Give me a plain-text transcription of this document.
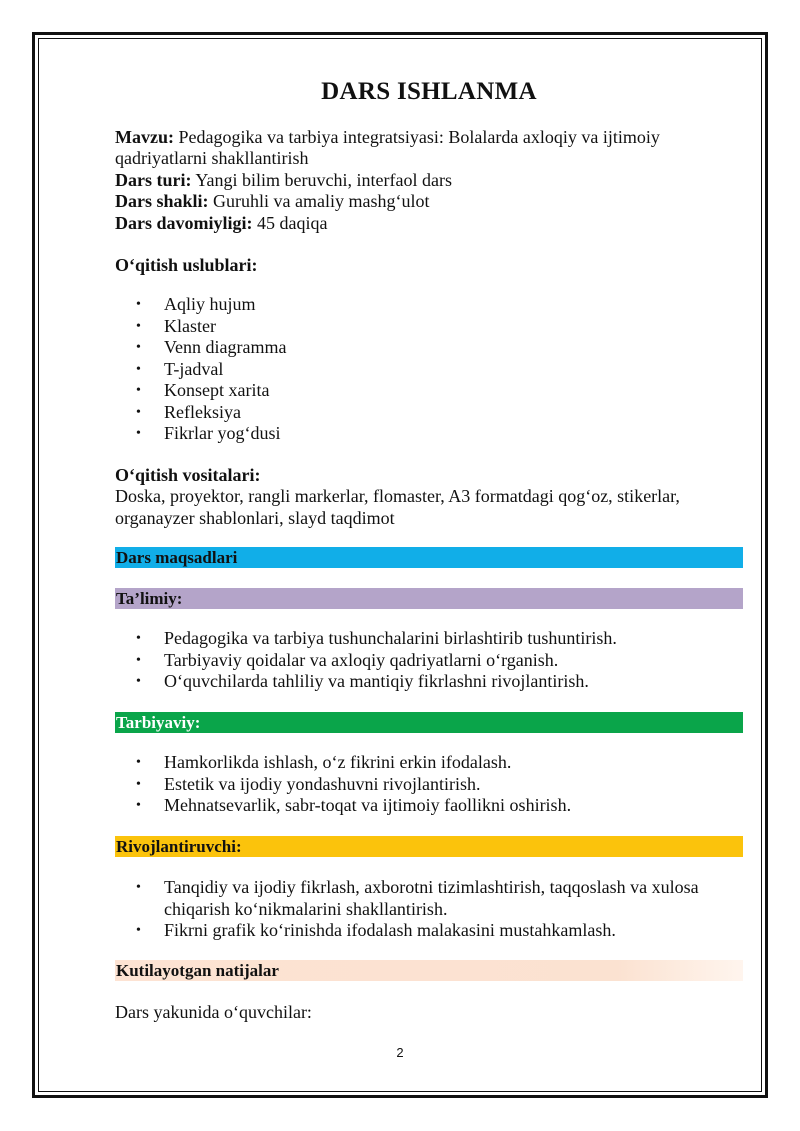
DARS ISHLANMA
Mavzu: Pedagogika va tarbiya integratsiyasi: Bolalarda axloqiy va ijtimoiy
qadriyatlarni shakllantirish
Dars turi: Yangi bilim beruvchi, interfaol dars
Dars shakli: Guruhli va amaliy mashg‘ulot
Dars davomiyligi: 45 daqiqa
O‘qitish uslublari:
• Aqliy hujum
• Klaster
• Venn diagramma
• T-jadval
• Konsept xarita
• Refleksiya
• Fikrlar yog‘dusi
O‘qitish vositalari:
Doska, proyektor, rangli markerlar, flomaster, A3 formatdagi qog‘oz, stikerlar,
organayzer shablonlari, slayd taqdimot
Dars maqsadlari
Ta’limiy:
• Pedagogika va tarbiya tushunchalarini birlashtirib tushuntirish.
• Tarbiyaviy qoidalar va axloqiy qadriyatlarni o‘rganish.
• O‘quvchilarda tahliliy va mantiqiy fikrlashni rivojlantirish.
Tarbiyaviy:
• Hamkorlikda ishlash, o‘z fikrini erkin ifodalash.
• Estetik va ijodiy yondashuvni rivojlantirish.
• Mehnatsevarlik, sabr-toqat va ijtimoiy faollikni oshirish.
Rivojlantiruvchi:
• Tanqidiy va ijodiy fikrlash, axborotni tizimlashtirish, taqqoslash va xulosa
chiqarish ko‘nikmalarini shakllantirish.
• Fikrni grafik ko‘rinishda ifodalash malakasini mustahkamlash.
Kutilayotgan natijalar
Dars yakunida o‘quvchilar:
2
